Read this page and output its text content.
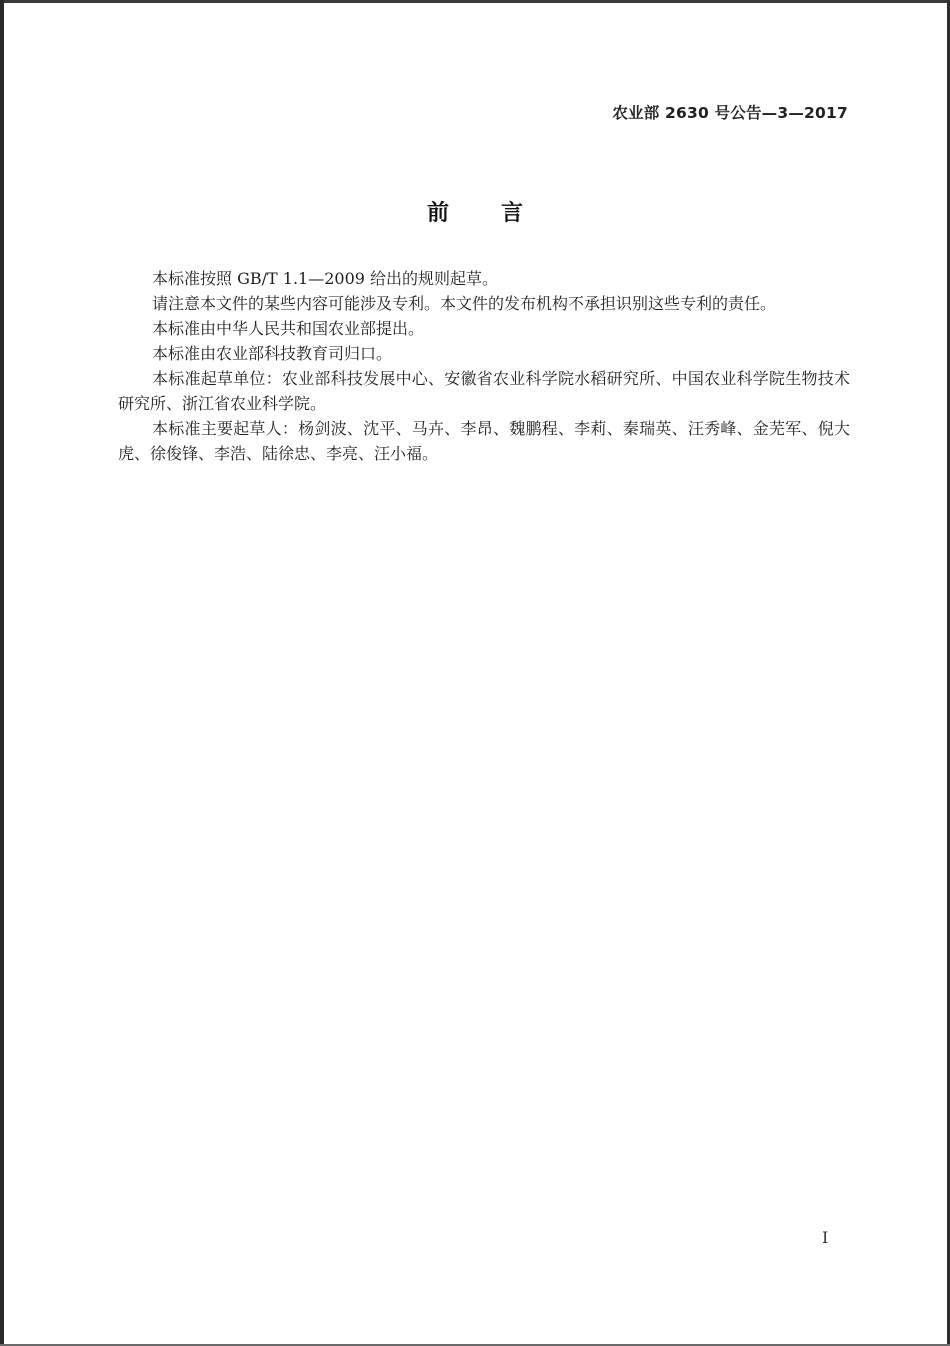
农业部 2630 号公告—3—2017
前 言

本标准按照 GB/T 1.1—2009 给出的规则起草。

请注意本文件的某些内容可能涉及专利。本文件的发布机构不承担识别这些专利的责任。

本标准由中华人民共和国农业部提出。

本标准由农业部科技教育司归口。

本标准起草单位：农业部科技发展中心、安徽省农业科学院水稻研究所、中国农业科学院生物技术研究所、浙江省农业科学院。

本标准主要起草人：杨剑波、沈平、马卉、李昂、魏鹏程、李莉、秦瑞英、汪秀峰、金芜军、倪大虎、徐俊锋、李浩、陆徐忠、李亮、汪小福。

I
